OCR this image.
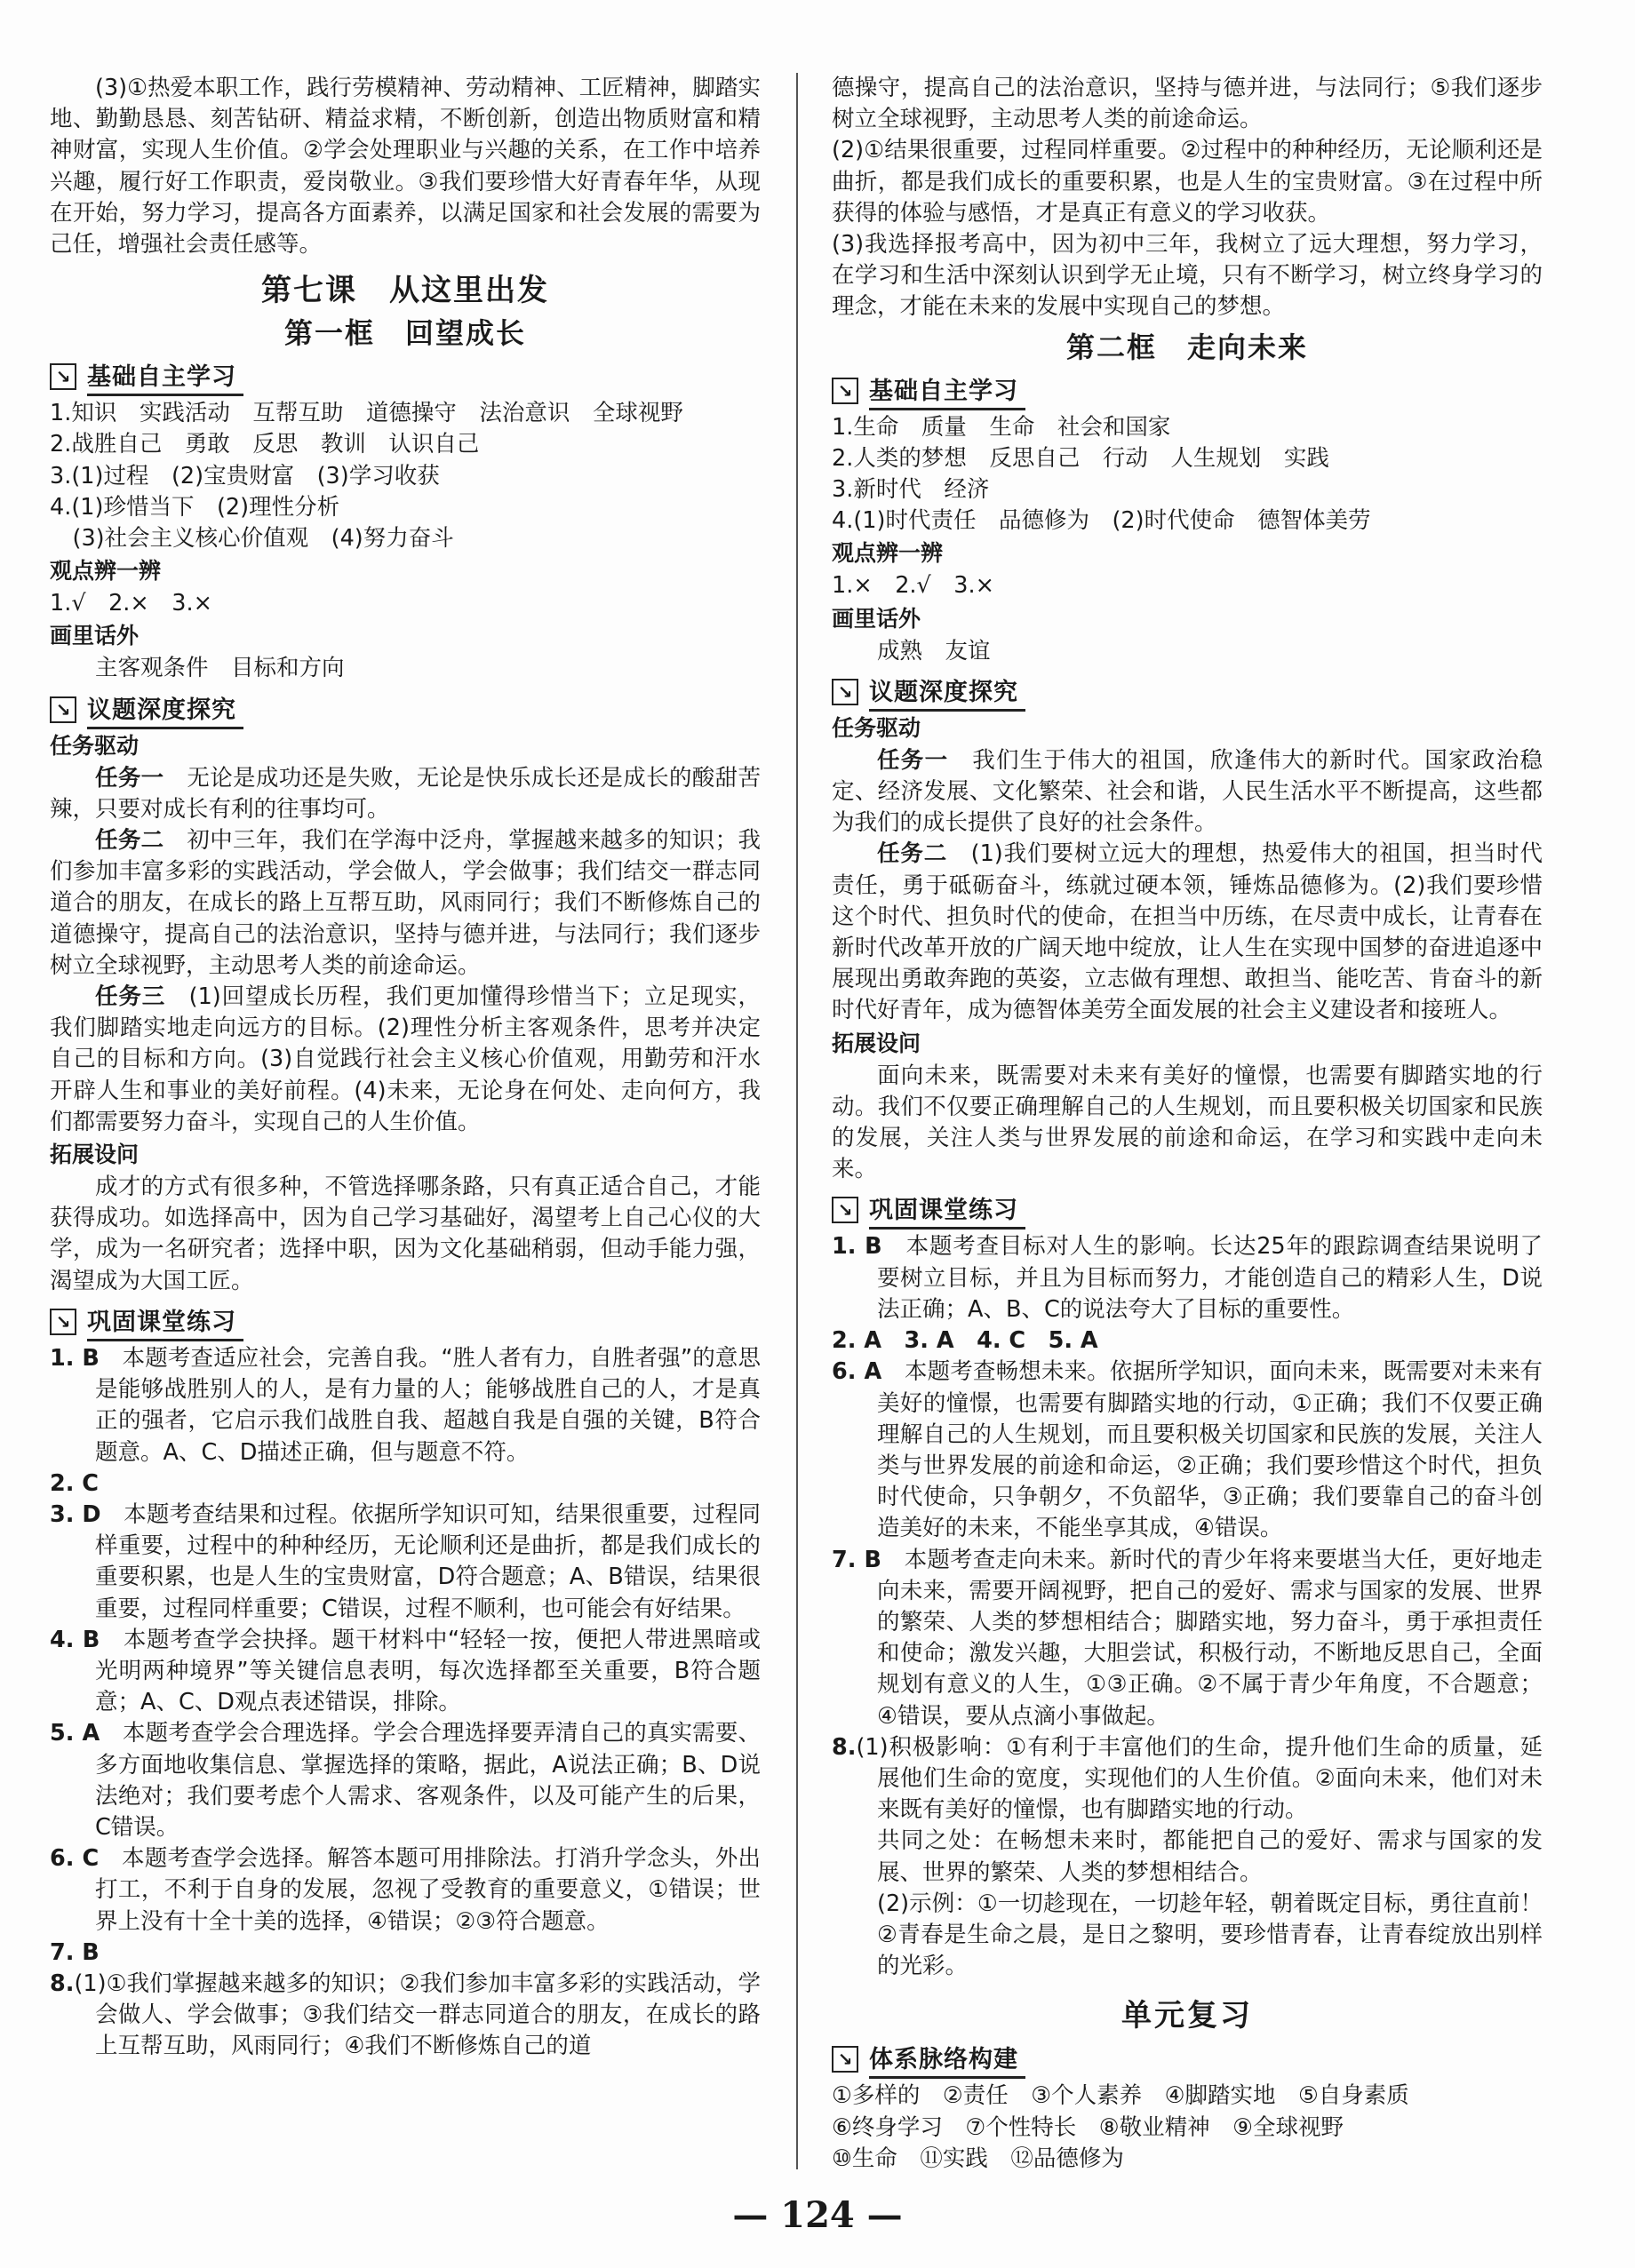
(3)①热爱本职工作，践行劳模精神、劳动精神、工匠精神，脚踏实地、勤勤恳恳、刻苦钻研、精益求精，不断创新，创造出物质财富和精神财富，实现人生价值。②学会处理职业与兴趣的关系，在工作中培养兴趣，履行好工作职责，爱岗敬业。③我们要珍惜大好青春年华，从现在开始，努力学习，提高各方面素养，以满足国家和社会发展的需要为己任，增强社会责任感等。

第七课　从这里出发
第一框　回望成长
↘ 基础自主学习

1.知识　实践活动　互帮互助　道德操守　法治意识　全球视野

2.战胜自己　勇敢　反思　教训　认识自己

3.(1)过程　(2)宝贵财富　(3)学习收获

4.(1)珍惜当下　(2)理性分析

　(3)社会主义核心价值观　(4)努力奋斗

观点辨一辨

1.√　2.×　3.×

画里话外

主客观条件　目标和方向

↘ 议题深度探究
任务驱动

任务一　 无论是成功还是失败，无论是快乐成长还是成长的酸甜苦辣，只要对成长有利的往事均可。

任务二　 初中三年，我们在学海中泛舟，掌握越来越多的知识；我们参加丰富多彩的实践活动，学会做人，学会做事；我们结交一群志同道合的朋友，在成长的路上互帮互助，风雨同行；我们不断修炼自己的道德操守，提高自己的法治意识，坚持与德并进，与法同行；我们逐步树立全球视野，主动思考人类的前途命运。

任务三　 (1)回望成长历程，我们更加懂得珍惜当下；立足现实，我们脚踏实地走向远方的目标。(2)理性分析主客观条件，思考并决定自己的目标和方向。(3)自觉践行社会主义核心价值观，用勤劳和汗水开辟人生和事业的美好前程。(4)未来，无论身在何处、走向何方，我们都需要努力奋斗，实现自己的人生价值。

拓展设问

成才的方式有很多种，不管选择哪条路，只有真正适合自己，才能获得成功。如选择高中，因为自己学习基础好，渴望考上自己心仪的大学，成为一名研究者；选择中职，因为文化基础稍弱，但动手能力强，渴望成为大国工匠。

↘ 巩固课堂练习

1. B　 本题考查适应社会，完善自我。“胜人者有力，自胜者强”的意思是能够战胜别人的人，是有力量的人；能够战胜自己的人，才是真正的强者，它启示我们战胜自我、超越自我是自强的关键，B符合题意。A、C、D描述正确，但与题意不符。

2. C

3. D　 本题考查结果和过程。依据所学知识可知，结果很重要，过程同样重要，过程中的种种经历，无论顺利还是曲折，都是我们成长的重要积累，也是人生的宝贵财富，D符合题意；A、B错误，结果很重要，过程同样重要；C错误，过程不顺利，也可能会有好结果。

4. B　 本题考查学会抉择。题干材料中“轻轻一按，便把人带进黑暗或光明两种境界”等关键信息表明，每次选择都至关重要，B符合题意；A、C、D观点表述错误，排除。

5. A　 本题考查学会合理选择。学会合理选择要弄清自己的真实需要、多方面地收集信息、掌握选择的策略，据此，A说法正确；B、D说法绝对；我们要考虑个人需求、客观条件，以及可能产生的后果，C错误。

6. C　 本题考查学会选择。解答本题可用排除法。打消升学念头，外出打工，不利于自身的发展，忽视了受教育的重要意义，①错误；世界上没有十全十美的选择，④错误；②③符合题意。

7. B

8.(1)①我们掌握越来越多的知识；②我们参加丰富多彩的实践活动，学会做人、学会做事；③我们结交一群志同道合的朋友，在成长的路上互帮互助，风雨同行；④我们不断修炼自己的道

德操守，提高自己的法治意识，坚持与德并进，与法同行；⑤我们逐步树立全球视野，主动思考人类的前途命运。

(2)①结果很重要，过程同样重要。②过程中的种种经历，无论顺利还是曲折，都是我们成长的重要积累，也是人生的宝贵财富。③在过程中所获得的体验与感悟，才是真正有意义的学习收获。

(3)我选择报考高中，因为初中三年，我树立了远大理想，努力学习，在学习和生活中深刻认识到学无止境，只有不断学习，树立终身学习的理念，才能在未来的发展中实现自己的梦想。

第二框　走向未来
↘ 基础自主学习

1.生命　质量　生命　社会和国家

2.人类的梦想　反思自己　行动　人生规划　实践

3.新时代　经济

4.(1)时代责任　品德修为　(2)时代使命　德智体美劳

观点辨一辨

1.×　2.√　3.×

画里话外

成熟　友谊

↘ 议题深度探究
任务驱动

任务一　 我们生于伟大的祖国，欣逢伟大的新时代。国家政治稳定、经济发展、文化繁荣、社会和谐，人民生活水平不断提高，这些都为我们的成长提供了良好的社会条件。

任务二　 (1)我们要树立远大的理想，热爱伟大的祖国，担当时代责任，勇于砥砺奋斗，练就过硬本领，锤炼品德修为。(2)我们要珍惜这个时代、担负时代的使命，在担当中历练，在尽责中成长，让青春在新时代改革开放的广阔天地中绽放，让人生在实现中国梦的奋进追逐中展现出勇敢奔跑的英姿，立志做有理想、敢担当、能吃苦、肯奋斗的新时代好青年，成为德智体美劳全面发展的社会主义建设者和接班人。

拓展设问

面向未来，既需要对未来有美好的憧憬，也需要有脚踏实地的行动。我们不仅要正确理解自己的人生规划，而且要积极关切国家和民族的发展，关注人类与世界发展的前途和命运，在学习和实践中走向未来。

↘ 巩固课堂练习

1. B　 本题考查目标对人生的影响。长达25年的跟踪调查结果说明了要树立目标，并且为目标而努力，才能创造自己的精彩人生，D说法正确；A、B、C的说法夸大了目标的重要性。

2. A　3. A　4. C　5. A

6. A　 本题考查畅想未来。依据所学知识，面向未来，既需要对未来有美好的憧憬，也需要有脚踏实地的行动，①正确；我们不仅要正确理解自己的人生规划，而且要积极关切国家和民族的发展，关注人类与世界发展的前途和命运，②正确；我们要珍惜这个时代，担负时代使命，只争朝夕，不负韶华，③正确；我们要靠自己的奋斗创造美好的未来，不能坐享其成，④错误。

7. B　 本题考查走向未来。新时代的青少年将来要堪当大任，更好地走向未来，需要开阔视野，把自己的爱好、需求与国家的发展、世界的繁荣、人类的梦想相结合；脚踏实地，努力奋斗，勇于承担责任和使命；激发兴趣，大胆尝试，积极行动，不断地反思自己，全面规划有意义的人生，①③正确。②不属于青少年角度，不合题意；④错误，要从点滴小事做起。

8.(1)积极影响：①有利于丰富他们的生命，提升他们生命的质量，延展他们生命的宽度，实现他们的人生价值。②面向未来，他们对未来既有美好的憧憬，也有脚踏实地的行动。

共同之处：在畅想未来时，都能把自己的爱好、需求与国家的发展、世界的繁荣、人类的梦想相结合。

(2)示例：①一切趁现在，一切趁年轻，朝着既定目标，勇往直前！②青春是生命之晨，是日之黎明，要珍惜青春，让青春绽放出别样的光彩。

单元复习
↘ 体系脉络构建

①多样的　②责任　③个人素养　④脚踏实地　⑤自身素质

⑥终身学习　⑦个性特长　⑧敬业精神　⑨全球视野

⑩生命　⑪实践　⑫品德修为

— 124 —
